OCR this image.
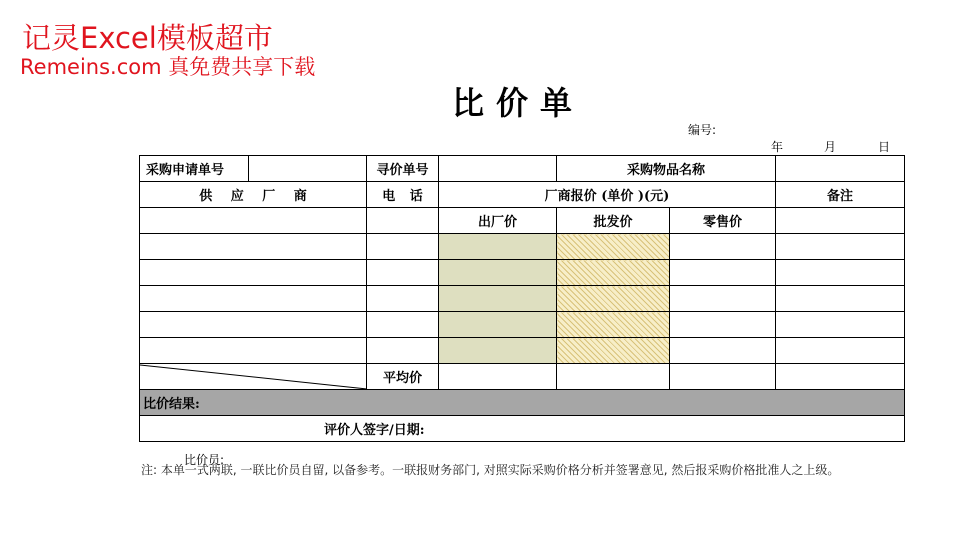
记灵Excel模板超市
Remeins.com 真免费共享下载
比价单
编号:
年	月	日
采购申请单号		寻价单号		采购物品名称		
供 应 厂 商		电 话	厂商报价 (单价 )(元)			备注
			出厂价	批发价	零售价	

	平均价				
比价结果:						
评价人签字/日期:						
比价员:
注: 本单一式两联, 一联比价员自留, 以备参考。一联报财务部门, 对照实际采购价格分析并签署意见, 然后报采购价格批准人之上级。
